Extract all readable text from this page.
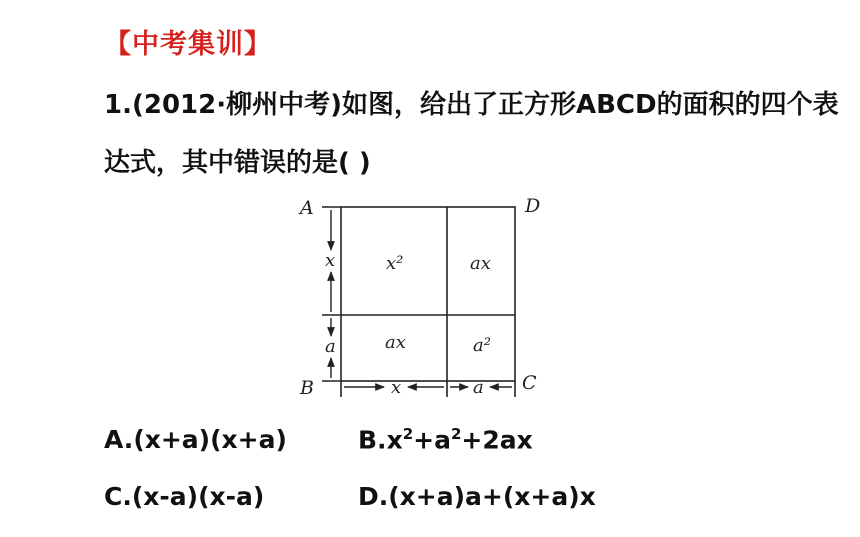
【中考集训】
1.(2012·柳州中考)如图，给出了正方形ABCD的面积的四个表
达式，其中错误的是( )
A	D
B	C
x²	ax
ax	a²
x
a
x	a
A.(x+a)(x+a)	$B.x^2+a^2+2ax$
C.(x-a)(x-a)	D.(x+a)a+(x+a)x
